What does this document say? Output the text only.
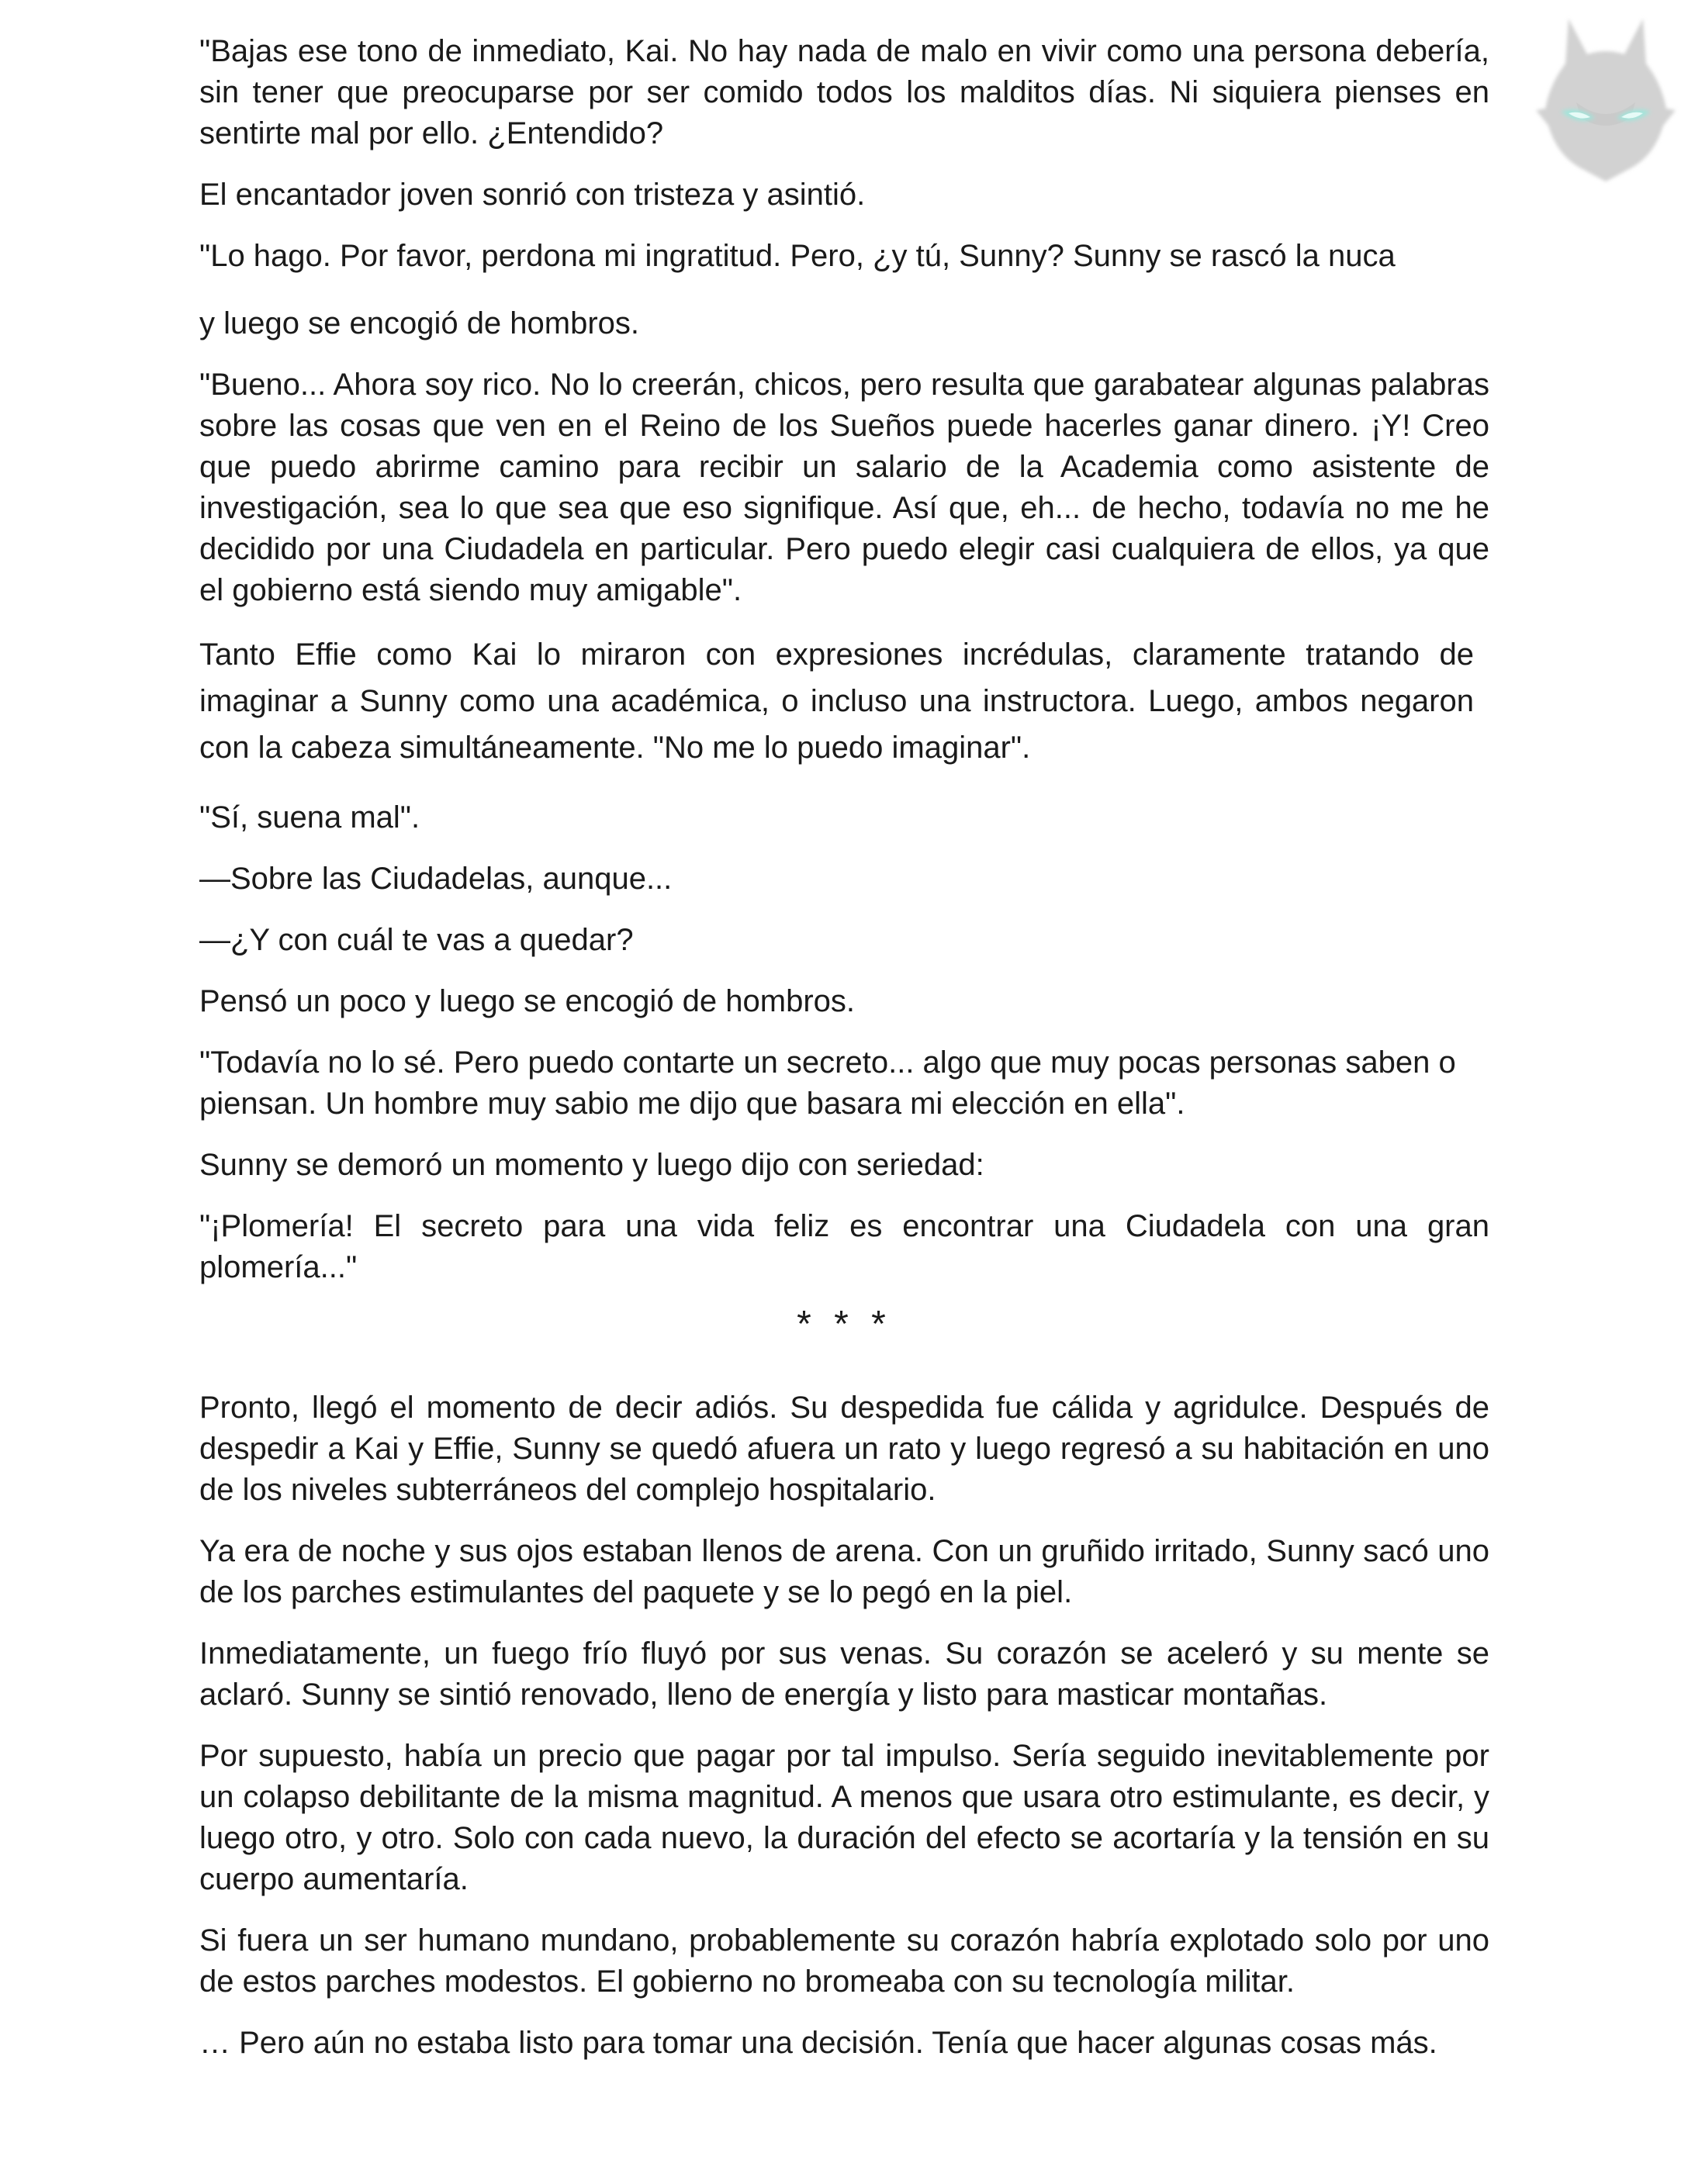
"Bajas ese tono de inmediato, Kai. No hay nada de malo en vivir como una persona debería, sin tener que preocuparse por ser comido todos los malditos días. Ni siquiera pienses en sentirte mal por ello. ¿Entendido?

El encantador joven sonrió con tristeza y asintió.

"Lo hago. Por favor, perdona mi ingratitud. Pero, ¿y tú, Sunny? Sunny se rascó la nuca

y luego se encogió de hombros.

"Bueno... Ahora soy rico. No lo creerán, chicos, pero resulta que garabatear algunas palabras sobre las cosas que ven en el Reino de los Sueños puede hacerles ganar dinero. ¡Y! Creo que puedo abrirme camino para recibir un salario de la Academia como asistente de investigación, sea lo que sea que eso signifique. Así que, eh... de hecho, todavía no me he decidido por una Ciudadela en particular. Pero puedo elegir casi cualquiera de ellos, ya que el gobierno está siendo muy amigable".

Tanto Effie como Kai lo miraron con expresiones incrédulas, claramente tratando de imaginar a Sunny como una académica, o incluso una instructora. Luego, ambos negaron con la cabeza simultáneamente. "No me lo puedo imaginar".

"Sí, suena mal".

—Sobre las Ciudadelas, aunque...

—¿Y con cuál te vas a quedar?

Pensó un poco y luego se encogió de hombros.

"Todavía no lo sé. Pero puedo contarte un secreto... algo que muy pocas personas saben o piensan. Un hombre muy sabio me dijo que basara mi elección en ella".

Sunny se demoró un momento y luego dijo con seriedad:

"¡Plomería! El secreto para una vida feliz es encontrar una Ciudadela con una gran plomería..."

* * *

Pronto, llegó el momento de decir adiós. Su despedida fue cálida y agridulce. Después de despedir a Kai y Effie, Sunny se quedó afuera un rato y luego regresó a su habitación en uno de los niveles subterráneos del complejo hospitalario.

Ya era de noche y sus ojos estaban llenos de arena. Con un gruñido irritado, Sunny sacó uno de los parches estimulantes del paquete y se lo pegó en la piel.

Inmediatamente, un fuego frío fluyó por sus venas. Su corazón se aceleró y su mente se aclaró. Sunny se sintió renovado, lleno de energía y listo para masticar montañas.

Por supuesto, había un precio que pagar por tal impulso. Sería seguido inevitablemente por un colapso debilitante de la misma magnitud. A menos que usara otro estimulante, es decir, y luego otro, y otro. Solo con cada nuevo, la duración del efecto se acortaría y la tensión en su cuerpo aumentaría.

Si fuera un ser humano mundano, probablemente su corazón habría explotado solo por uno de estos parches modestos. El gobierno no bromeaba con su tecnología militar.

… Pero aún no estaba listo para tomar una decisión. Tenía que hacer algunas cosas más.
